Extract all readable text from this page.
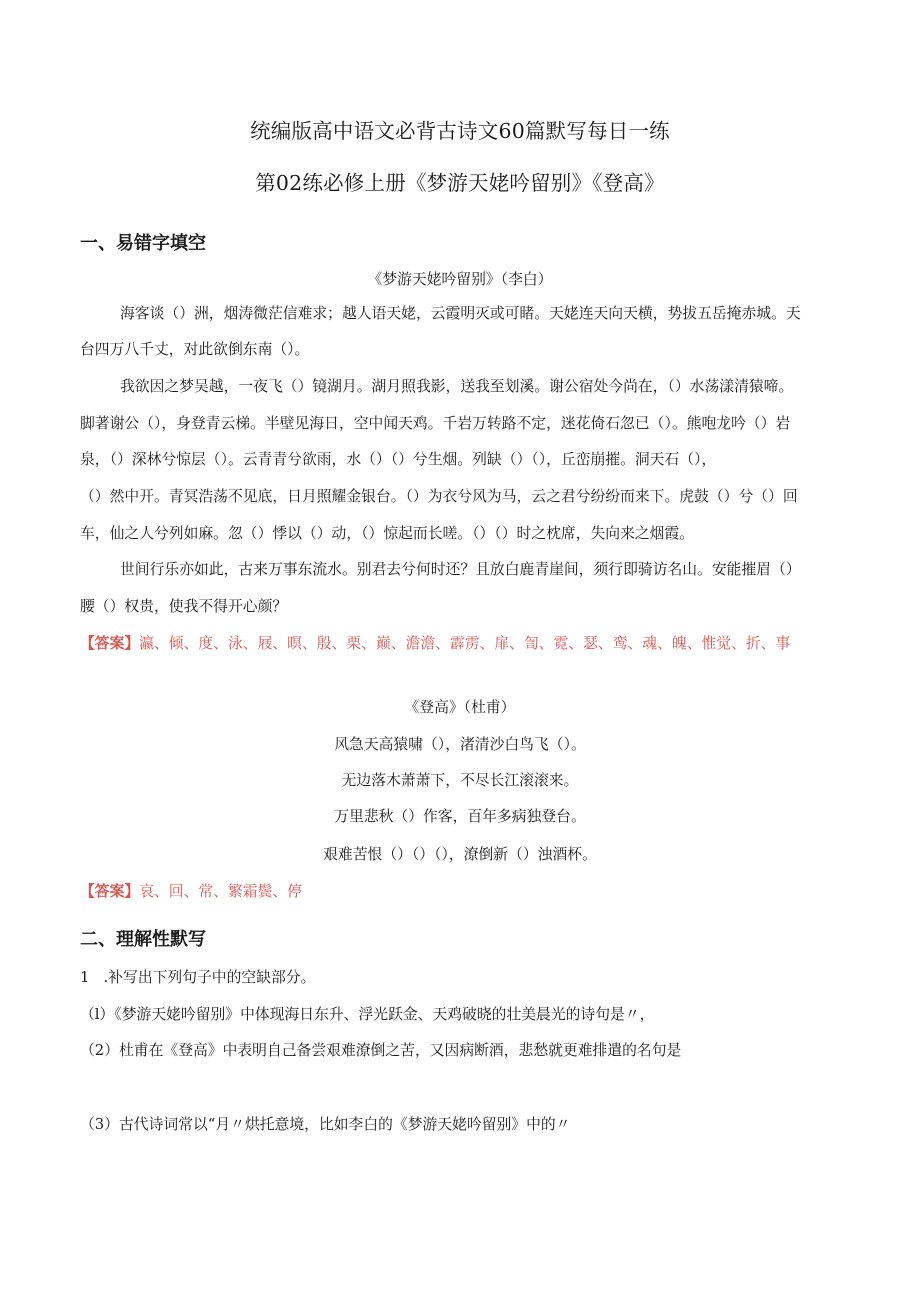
统编版高中语文必背古诗文60篇默写每日一练
第02练必修上册《梦游天姥吟留别》《登高》
一、易错字填空
《梦游天姥吟留别》（李白）
海客谈（）洲，烟涛微茫信难求；越人语天姥，云霞明灭或可睹。天姥连天向天横，势拔五岳掩赤城。天
台四万八千丈，对此欲倒东南（）。
我欲因之梦吴越，一夜飞（）镜湖月。湖月照我影，送我至划溪。谢公宿处今尚在，（）水荡漾清猿啼。
脚著谢公（），身登青云梯。半壁见海日，空中闻天鸡。千岩万转路不定，迷花倚石忽已（）。熊咆龙吟（）岩
泉，（）深林兮惊层（）。云青青兮欲雨，水（）（）兮生烟。列缺（）（），丘峦崩摧。洞天石（），
（）然中开。青冥浩荡不见底，日月照耀金银台。（）为衣兮风为马，云之君兮纷纷而来下。虎鼓（）兮（）回
车，仙之人兮列如麻。忽（）悸以（）动，（）惊起而长嗟。（）（）时之枕席，失向来之烟霞。
世间行乐亦如此，古来万事东流水。别君去兮何时还？且放白鹿青崖间，须行即骑访名山。安能摧眉（）
腰（）权贵，使我不得开心颜？
【答案】瀛、倾、度、泳、屐、暝、殷、栗、巅、澹澹、霹雳、扉、訇、霓、瑟、鸾、魂、魄、惟觉、折、事
《登高》（杜甫）
风急天高猿啸（），渚清沙白鸟飞（）。
无边落木萧萧下，不尽长江滚滚来。
万里悲秋（）作客，百年多病独登台。
艰难苦恨（）（）（），潦倒新（）浊酒杯。
【答案】哀、回、常、繁霜鬓、停
二、理解性默写
1   .补写出下列句子中的空缺部分。
（l）《梦游天姥吟留别》中体现海日东升、浮光跃金、天鸡破晓的壮美晨光的诗句是〃，
（2）杜甫在《登高》中表明自己备尝艰难潦倒之苦，又因病断酒，悲愁就更难排遣的名句是
（3）古代诗词常以“月〃烘托意境，比如李白的《梦游天姥吟留别》中的〃
